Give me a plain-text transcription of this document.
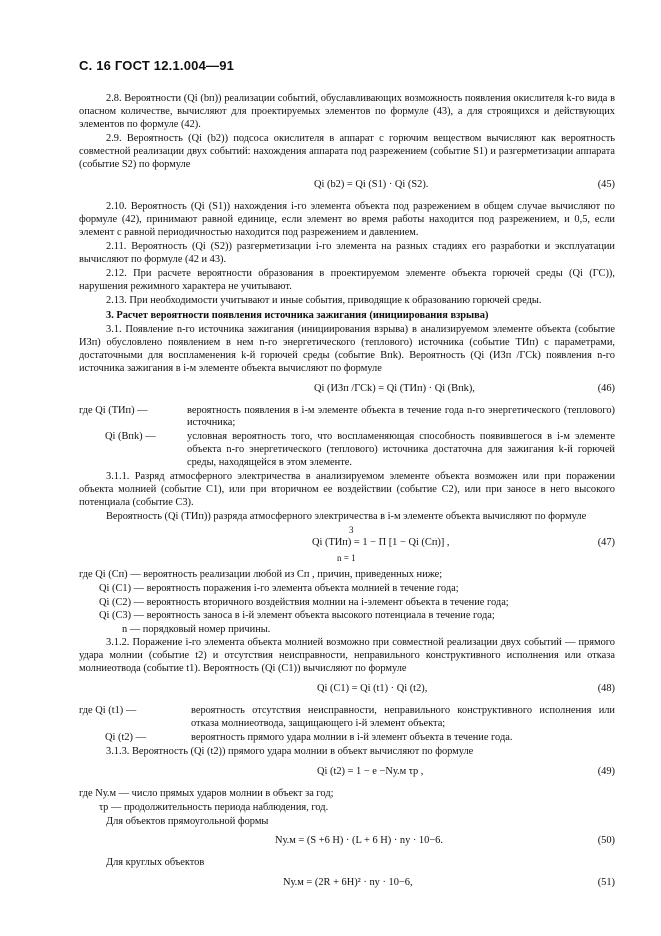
С. 16 ГОСТ 12.1.004—91

2.8. Вероятности (Qi (bп)) реализации событий, обуславливающих возможность появления окислителя k-го вида в опасном количестве, вычисляют для проектируемых элементов по формуле (43), а для строящихся и действующих элементов по формуле (42).

2.9. Вероятность (Qi (b2)) подсоса окислителя в аппарат с горючим веществом вычисляют как вероятность совместной реализации двух событий: нахождения аппарата под разрежением (событие S1) и разгерметизации аппарата (событие S2) по формуле

Qi (b2) = Qi (S1) · Qi (S2).	(45)

2.10. Вероятность (Qi (S1)) нахождения i-го элемента объекта под разрежением в общем случае вычисляют по формуле (42), принимают равной единице, если элемент во время работы находится под разрежением, и 0,5, если элемент с равной периодичностью находится под разрежением и давлением.

2.11. Вероятность (Qi (S2)) разгерметизации i-го элемента на разных стадиях его разработки и эксплуатации вычисляют по формуле (42 и 43).

2.12. При расчете вероятности образования в проектируемом элементе объекта горючей среды (Qi (ГС)), нарушения режимного характера не учитывают.

2.13. При необходимости учитывают и иные события, приводящие к образованию горючей среды.

3. Расчет вероятности появления источника зажигания (инициирования взрыва)

3.1. Появление n-го источника зажигания (инициирования взрыва) в анализируемом элементе объекта (событие ИЗп) обусловлено появлением в нем n-го энергетического (теплового) источника (событие ТИп) с параметрами, достаточными для воспламенения k-й горючей среды (событие Впk). Вероятность (Qi (ИЗп /ГСk) появления n-го источника зажигания в i-м элементе объекта вычисляют по формуле

Qi (ИЗп /ГСk) = Qi (ТИп) · Qi (Впk),	(46)
где Qi (ТИп) —	вероятность появления в i-м элементе объекта в течение года n-го энергетического (теплового) источника;
Qi (Впk) —	условная вероятность того, что воспламеняющая способность появившегося в i-м элементе объекта n-го энергетического (теплового) источника достаточна для зажигания k-й горючей среды, находящейся в этом элементе.

3.1.1. Разряд атмосферного электричества в анализируемом элементе объекта возможен или при поражении объекта молнией (событие С1), или при вторичном ее воздействии (событие С2), или при заносе в него высокого потенциала (событие С3).

Вероятность (Qi (ТИп)) разряда атмосферного электричества в i-м элементе объекта вычисляют по формуле

3
Qi (ТИп) = 1 − Π [1 − Qi (Сп)] ,
n = 1
(47)

где Qi (Cп) — вероятность реализации любой из Сп , причин, приведенных ниже;

Qi (C1) — вероятность поражения i-го элемента объекта молнией в течение года;

Qi (C2) — вероятность вторичного воздействия молнии на i-элемент объекта в течение года;

Qi (C3) — вероятность заноса в i-й элемент объекта высокого потенциала в течение года;

n — порядковый номер причины.

3.1.2. Поражение i-го элемента объекта молнией возможно при совместной реализации двух событий — прямого удара молнии (событие t2) и отсутствия неисправности, неправильного конструктивного исполнения или отказа молниеотвода (событие t1). Вероятность (Qi (С1)) вычисляют по формуле

Qi (С1) = Qi (t1) · Qi (t2),	(48)
где Qi (t1) —	вероятность отсутствия неисправности, неправильного конструктивного исполнения или отказа молниеотвода, защищающего i-й элемент объекта;
Qi (t2) —	вероятность прямого удара молнии в i-й элемент объекта в течение года.

3.1.3. Вероятность (Qi (t2)) прямого удара молнии в объект вычисляют по формуле

Qi (t2) = 1 − e −Nу.м τр ,	(49)

где Nу.м — число прямых ударов молнии в объект за год;

τр — продолжительность периода наблюдения, год.

Для объектов прямоугольной формы

Nу.м = (S +6 H) · (L + 6 H) · nу · 10−6.	(50)

Для круглых объектов

Nу.м = (2R + 6H)² · nу · 10−6,	(51)
